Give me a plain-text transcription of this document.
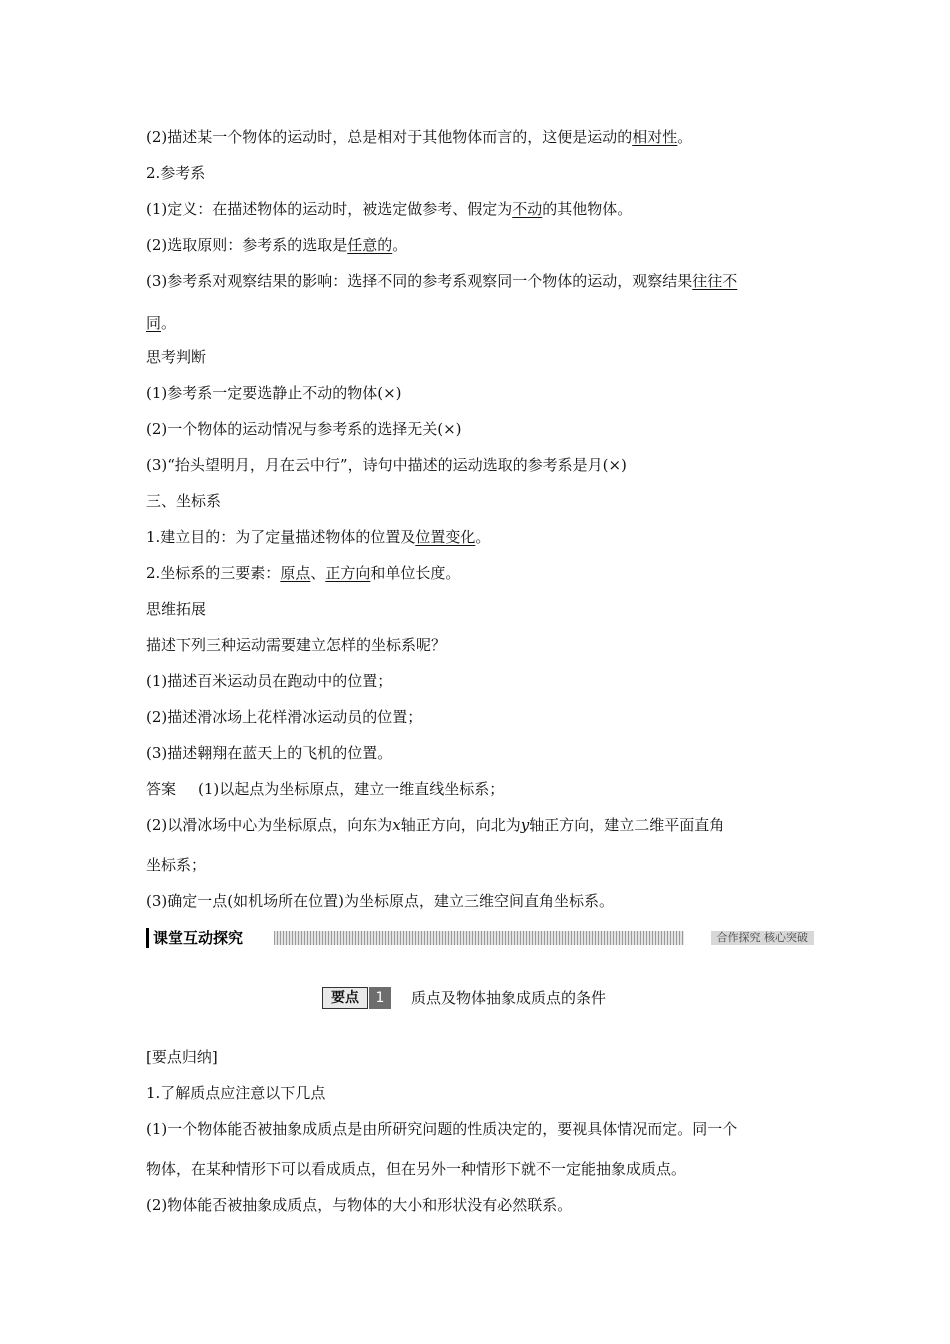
(2)描述某一个物体的运动时，总是相对于其他物体而言的，这便是运动的相对性。
2.参考系
(1)定义：在描述物体的运动时，被选定做参考、假定为不动的其他物体。
(2)选取原则：参考系的选取是任意的。
(3)参考系对观察结果的影响：选择不同的参考系观察同一个物体的运动，观察结果往往不
同。
思考判断
(1)参考系一定要选静止不动的物体(×)
(2)一个物体的运动情况与参考系的选择无关(×)
(3)“抬头望明月，月在云中行”，诗句中描述的运动选取的参考系是月(×)
三、坐标系
1.建立目的：为了定量描述物体的位置及位置变化。
2.坐标系的三要素：原点、正方向和单位长度。
思维拓展
描述下列三种运动需要建立怎样的坐标系呢？
(1)描述百米运动员在跑动中的位置；
(2)描述滑冰场上花样滑冰运动员的位置；
(3)描述翱翔在蓝天上的飞机的位置。
答案 (1)以起点为坐标原点，建立一维直线坐标系；
(2)以滑冰场中心为坐标原点，向东为x轴正方向，向北为y轴正方向，建立二维平面直角
坐标系；
(3)确定一点(如机场所在位置)为坐标原点，建立三维空间直角坐标系。
课堂互动探究	合作探究 核心突破
要点	1	质点及物体抽象成质点的条件
[要点归纳]
1.了解质点应注意以下几点
(1)一个物体能否被抽象成质点是由所研究问题的性质决定的，要视具体情况而定。同一个
物体，在某种情形下可以看成质点，但在另外一种情形下就不一定能抽象成质点。
(2)物体能否被抽象成质点，与物体的大小和形状没有必然联系。
